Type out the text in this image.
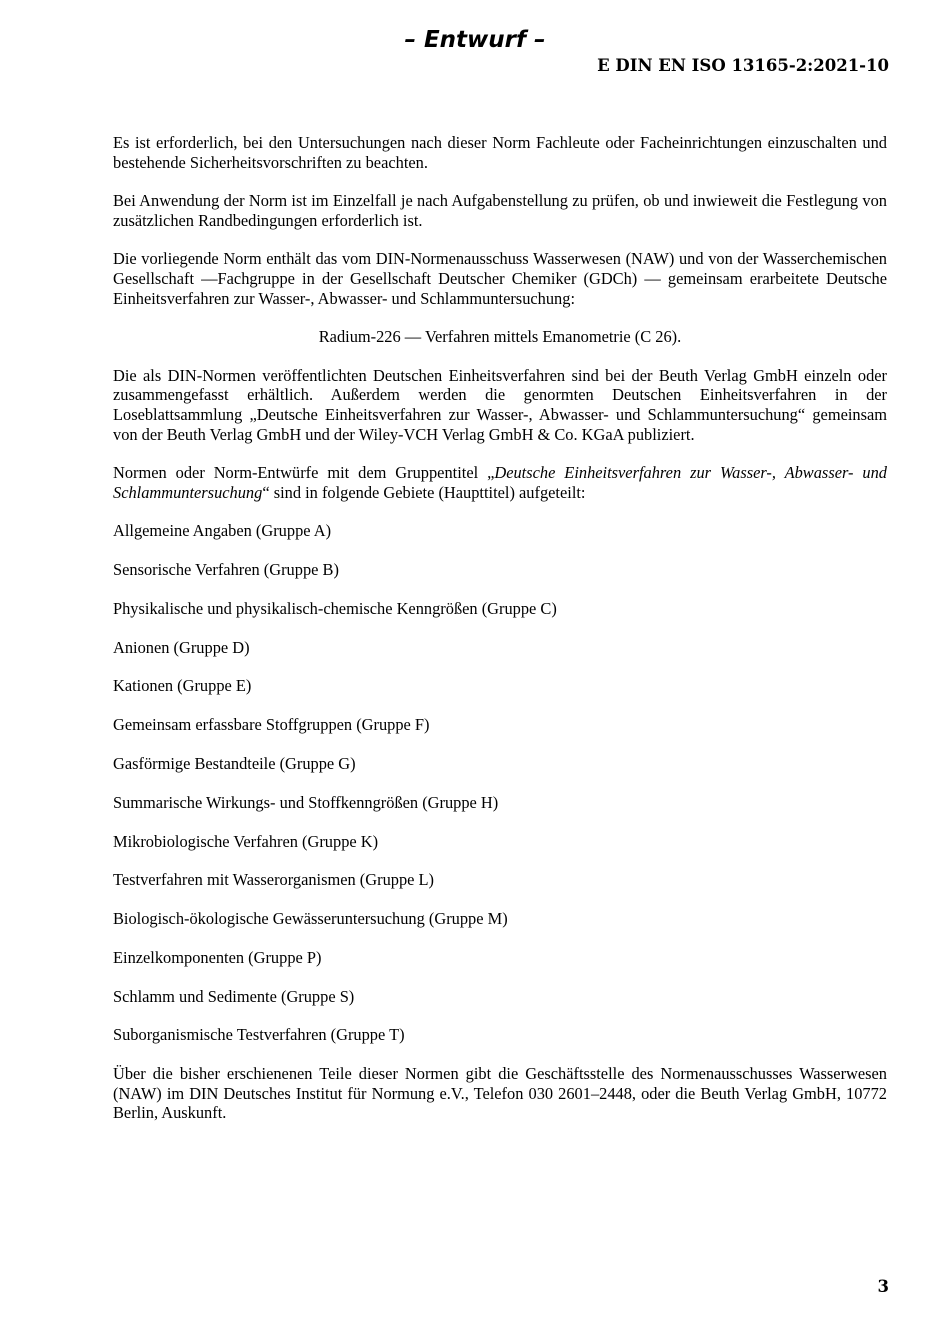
– Entwurf –
E DIN EN ISO 13165-2:2021-10

Es ist erforderlich, bei den Untersuchungen nach dieser Norm Fachleute oder Facheinrichtungen einzuschalten und bestehende Sicherheitsvorschriften zu beachten.

Bei Anwendung der Norm ist im Einzelfall je nach Aufgabenstellung zu prüfen, ob und inwieweit die Festlegung von zusätzlichen Randbedingungen erforderlich ist.

Die vorliegende Norm enthält das vom DIN-Normenausschuss Wasserwesen (NAW) und von der Wasserchemischen Gesellschaft —Fachgruppe in der Gesellschaft Deutscher Chemiker (GDCh) — gemeinsam erarbeitete Deutsche Einheitsverfahren zur Wasser-, Abwasser- und Schlammuntersuchung:

Radium-226 — Verfahren mittels Emanometrie (C 26).

Die als DIN-Normen veröffentlichten Deutschen Einheitsverfahren sind bei der Beuth Verlag GmbH einzeln oder zusammengefasst erhältlich. Außerdem werden die genormten Deutschen Einheitsverfahren in der Loseblattsammlung „Deutsche Einheitsverfahren zur Wasser-, Abwasser- und Schlammuntersuchung“ gemeinsam von der Beuth Verlag GmbH und der Wiley-VCH Verlag GmbH & Co. KGaA publiziert.

Normen oder Norm-Entwürfe mit dem Gruppentitel „Deutsche Einheitsverfahren zur Wasser-, Abwasser- und Schlammuntersuchung“ sind in folgende Gebiete (Haupttitel) aufgeteilt:

Allgemeine Angaben (Gruppe A)

Sensorische Verfahren (Gruppe B)

Physikalische und physikalisch-chemische Kenngrößen (Gruppe C)

Anionen (Gruppe D)

Kationen (Gruppe E)

Gemeinsam erfassbare Stoffgruppen (Gruppe F)

Gasförmige Bestandteile (Gruppe G)

Summarische Wirkungs- und Stoffkenngrößen (Gruppe H)

Mikrobiologische Verfahren (Gruppe K)

Testverfahren mit Wasserorganismen (Gruppe L)

Biologisch-ökologische Gewässeruntersuchung (Gruppe M)

Einzelkomponenten (Gruppe P)

Schlamm und Sedimente (Gruppe S)

Suborganismische Testverfahren (Gruppe T)

Über die bisher erschienenen Teile dieser Normen gibt die Geschäftsstelle des Normenausschusses Wasserwesen (NAW) im DIN Deutsches Institut für Normung e.V., Telefon 030 2601–2448, oder die Beuth Verlag GmbH, 10772 Berlin, Auskunft.

3
